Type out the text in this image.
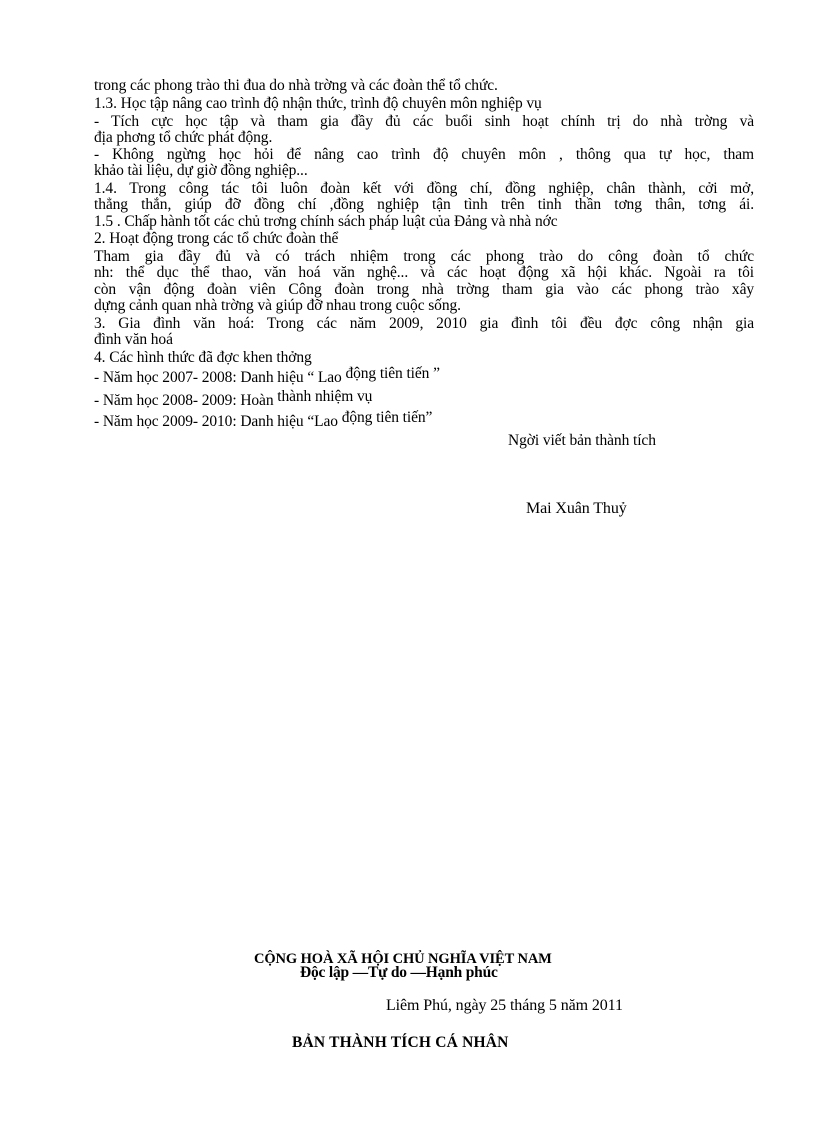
trong các phong trào thi đua do nhà trờng và các đoàn thể tổ chức.
1.3. Học tập nâng cao trình độ nhận thức, trình độ chuyên môn nghiệp vụ
- Tích cực học tập và tham gia đầy đủ các buổi sinh hoạt chính trị do nhà trờng và
địa phơng tổ chức phát động.
- Không ngừng học hỏi để nâng cao trình độ chuyên môn , thông qua tự học, tham
khảo tài liệu, dự giờ đồng nghiệp...
1.4. Trong công tác tôi luôn đoàn kết với đồng chí, đồng nghiệp, chân thành, cởi mở,
thẳng thắn, giúp đỡ đồng chí ,đồng nghiệp tận tình trên tinh thần tơng thân, tơng ái.
1.5 . Chấp hành tốt các chủ trơng chính sách pháp luật của Đảng và nhà nớc
2. Hoạt động trong các tổ chức đoàn thể
Tham gia đầy đủ và có trách nhiệm trong các phong trào do công đoàn tổ chức
nh: thể dục thể thao, văn hoá văn nghệ... và các hoạt động xã hội khác. Ngoài ra tôi
còn vận động đoàn viên Công đoàn trong nhà trờng tham gia vào các phong trào xây
dựng cảnh quan nhà trờng và giúp đỡ nhau trong cuộc sống.
3. Gia đình văn hoá: Trong các năm 2009, 2010 gia đình tôi đều đợc công nhận gia
đình văn hoá
4. Các hình thức đã đợc khen thởng
- Năm học 2007- 2008: Danh hiệu “ Lao động tiên tiến ”
- Năm học 2008- 2009: Hoàn thành nhiệm vụ
- Năm học 2009- 2010: Danh hiệu “Lao động tiên tiến”
Ngời viết bản thành tích
Mai Xuân Thuỷ
CỘNG HOÀ XÃ HỘI CHỦ NGHĨA VIỆT NAM
Độc lập —Tự do —Hạnh phúc
Liêm Phú, ngày 25 tháng 5 năm 2011
BẢN THÀNH TÍCH CÁ NHÂN
